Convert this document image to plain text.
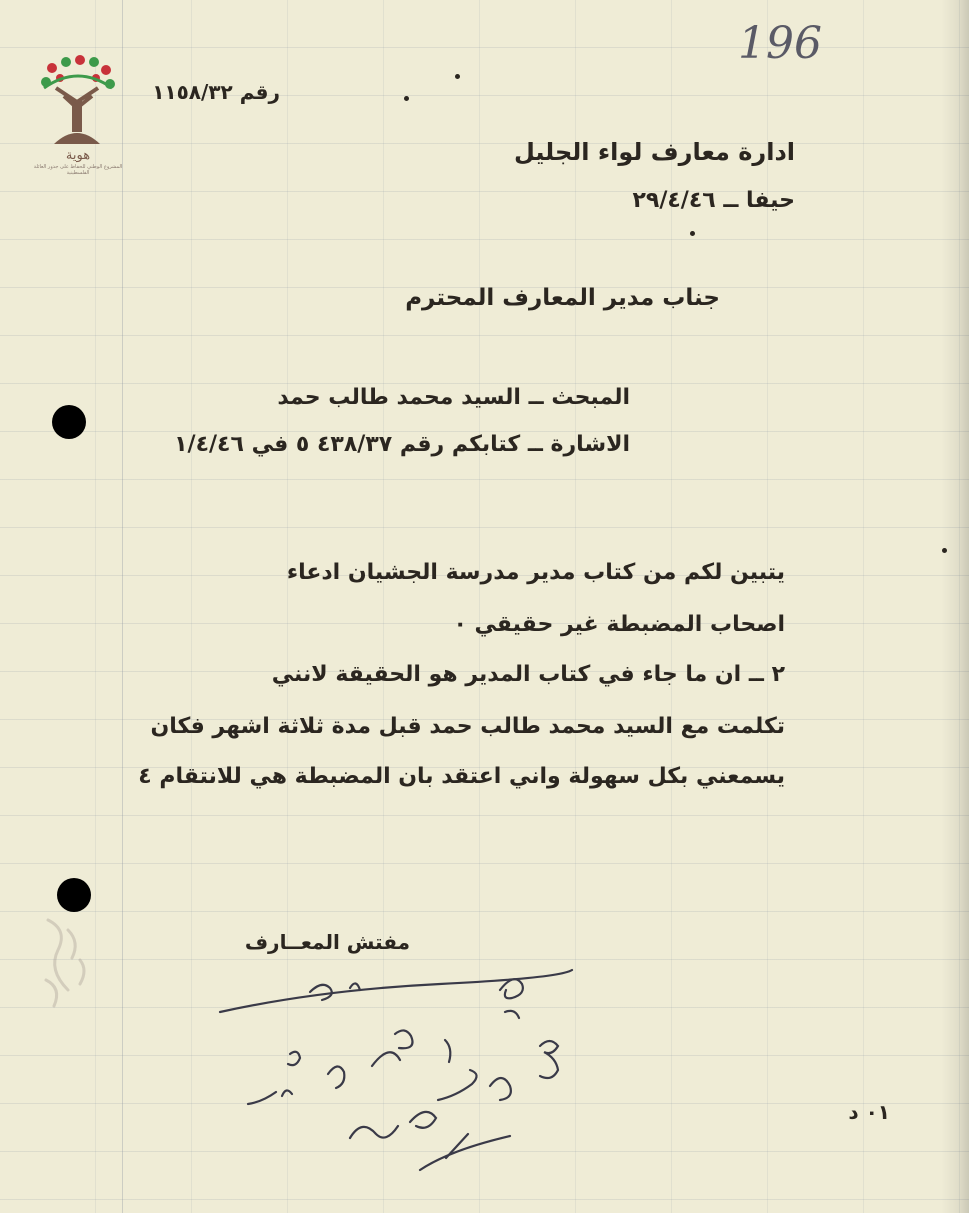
هوية
المشروع الوطني للحفاظ على جذور العائلة الفلسطينية
196
رقم ١١٥٨/٣٢
ادارة معارف لواء الجليل
حيفا ــ ٢٩/٤/٤٦
جناب مدير المعارف المحترم
المبحث ــ السيد محمد طالب حمد
الاشارة ــ كتابكم رقم ٤٣٨/٣٧ ٥ في ١/٤/٤٦
يتبين لكم من كتاب مدير مدرسة الجشيان ادعاء
اصحاب المضبطة غير حقيقي ٠
٢ ــ ان ما جاء في كتاب المدير هو الحقيقة لانني
تكلمت مع السيد محمد طالب حمد قبل مدة ثلاثة اشهر فكان
يسمعني بكل سهولة واني اعتقد بان المضبطة هي للانتقام ٤
مفتش المعــارف
٠١ د
